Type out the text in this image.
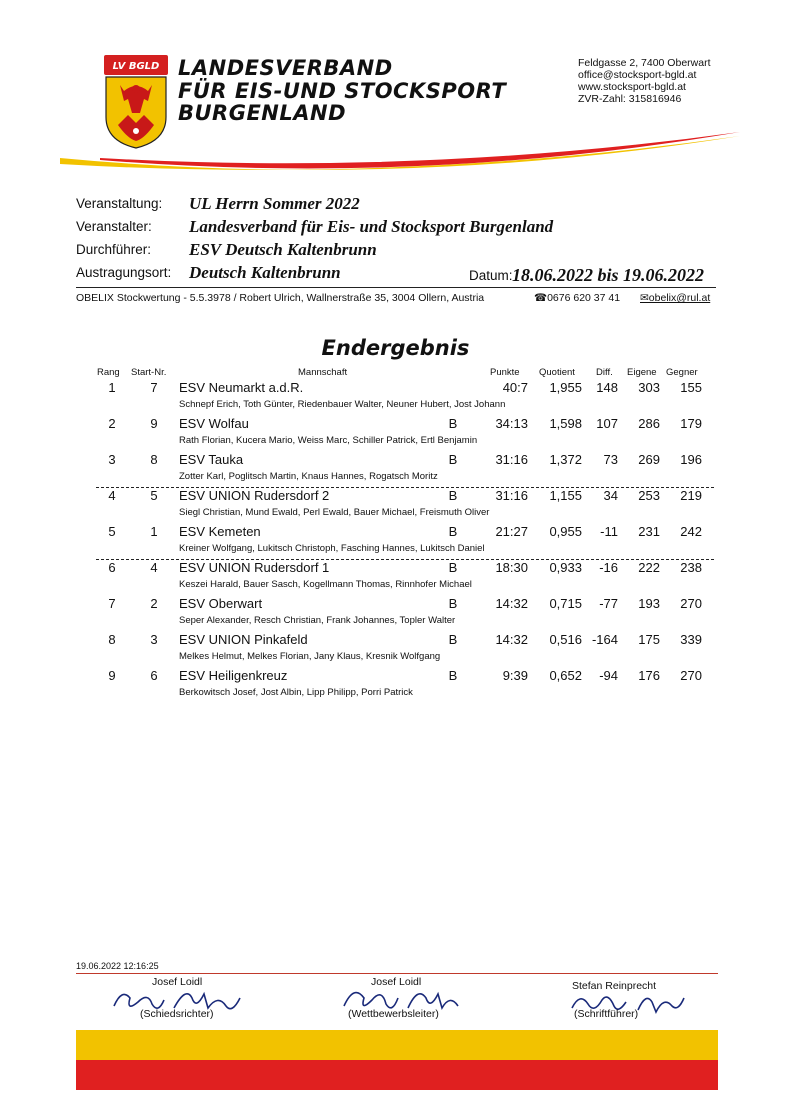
LV BGLD LANDESVERBAND
FÜR EIS-UND STOCKSPORT
BURGENLAND
Feldgasse 2, 7400 Oberwart
office@stocksport-bgld.at
www.stocksport-bgld.at
ZVR-Zahl: 315816946
Veranstaltung: UL Herrn Sommer 2022
Veranstalter: Landesverband für Eis- und Stocksport Burgenland
Durchführer: ESV Deutsch Kaltenbrunn
Austragungsort: Deutsch Kaltenbrunn	Datum: 18.06.2022 bis 19.06.2022
OBELIX Stockwertung - 5.5.3978 / Robert Ulrich, Wallnerstraße 35, 3004 Ollern, Austria	☎0676 620 37 41 ✉obelix@rul.at
Endergebnis
Rang Start-Nr.	Mannschaft	Punkte Quotient Diff. Eigene Gegner
1	7	ESV Neumarkt a.d.R.	40:7	1,955	148	303	155
Schnepf Erich, Toth Günter, Riedenbauer Walter, Neuner Hubert, Jost Johann
2	9	ESV Wolfau	B	34:13	1,598	107	286	179
Rath Florian, Kucera Mario, Weiss Marc, Schiller Patrick, Ertl Benjamin
3	8	ESV Tauka	B	31:16	1,372	73	269	196
Zotter Karl, Poglitsch Martin, Knaus Hannes, Rogatsch Moritz
4	5	ESV UNION Rudersdorf 2	B	31:16	1,155	34	253	219
Siegl Christian, Mund Ewald, Perl Ewald, Bauer Michael, Freismuth Oliver
5	1	ESV Kemeten	B	21:27	0,955	-11	231	242
Kreiner Wolfgang, Lukitsch Christoph, Fasching Hannes, Lukitsch Daniel
6	4	ESV UNION Rudersdorf 1	B	18:30	0,933	-16	222	238
Keszei Harald, Bauer Sasch, Kogellmann Thomas, Rinnhofer Michael
7	2	ESV Oberwart	B	14:32	0,715	-77	193	270
Seper Alexander, Resch Christian, Frank Johannes, Topler Walter
8	3	ESV UNION Pinkafeld	B	14:32	0,516 -164	175	339
Melkes Helmut, Melkes Florian, Jany Klaus, Kresnik Wolfgang
9	6	ESV Heiligenkreuz	B	9:39	0,652	-94	176	270
Berkowitsch Josef, Jost Albin, Lipp Philipp, Porri Patrick
19.06.2022 12:16:25
Josef Loidl
(Schiedsrichter)
Josef Loidl
(Wettbewerbsleiter)
Stefan Reinprecht
(Schriftführer)
